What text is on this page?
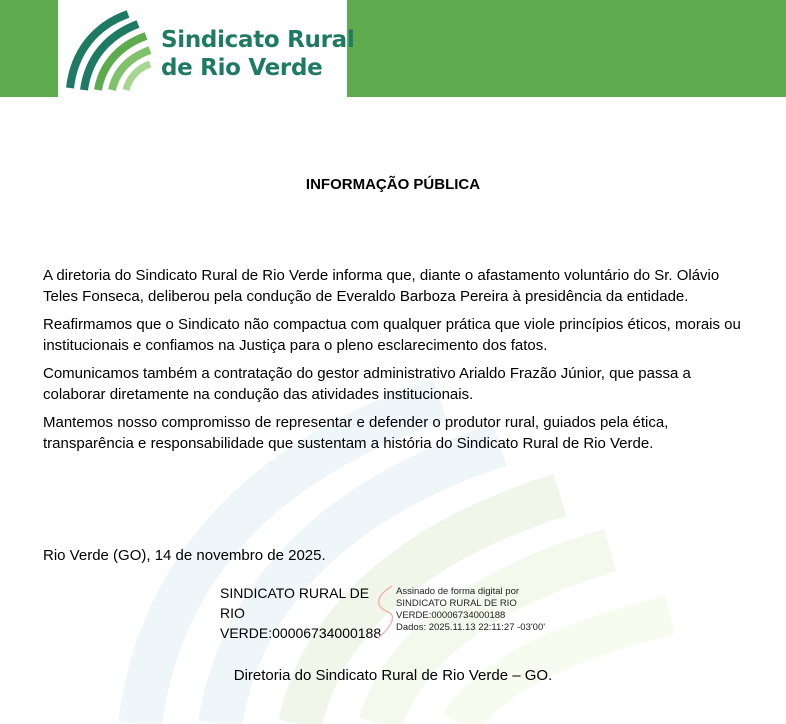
Sindicato Rural
de Rio Verde
INFORMAÇÃO PÚBLICA

A diretoria do Sindicato Rural de Rio Verde informa que, diante o afastamento voluntário do Sr. Olávio Teles Fonseca, deliberou pela condução de Everaldo Barboza Pereira à presidência da entidade.

Reafirmamos que o Sindicato não compactua com qualquer prática que viole princípios éticos, morais ou institucionais e confiamos na Justiça para o pleno esclarecimento dos fatos.

Comunicamos também a contratação do gestor administrativo Arialdo Frazão Júnior, que passa a colaborar diretamente na condução das atividades institucionais.

Mantemos nosso compromisso de representar e defender o produtor rural, guiados pela ética, transparência e responsabilidade que sustentam a história do Sindicato Rural de Rio Verde.

Rio Verde (GO), 14 de novembro de 2025.
SINDICATO RURAL DE
RIO
VERDE:00006734000188
Assinado de forma digital por
SINDICATO RURAL DE RIO
VERDE:00006734000188
Dados: 2025.11.13 22:11:27 -03'00'
Diretoria do Sindicato Rural de Rio Verde – GO.
